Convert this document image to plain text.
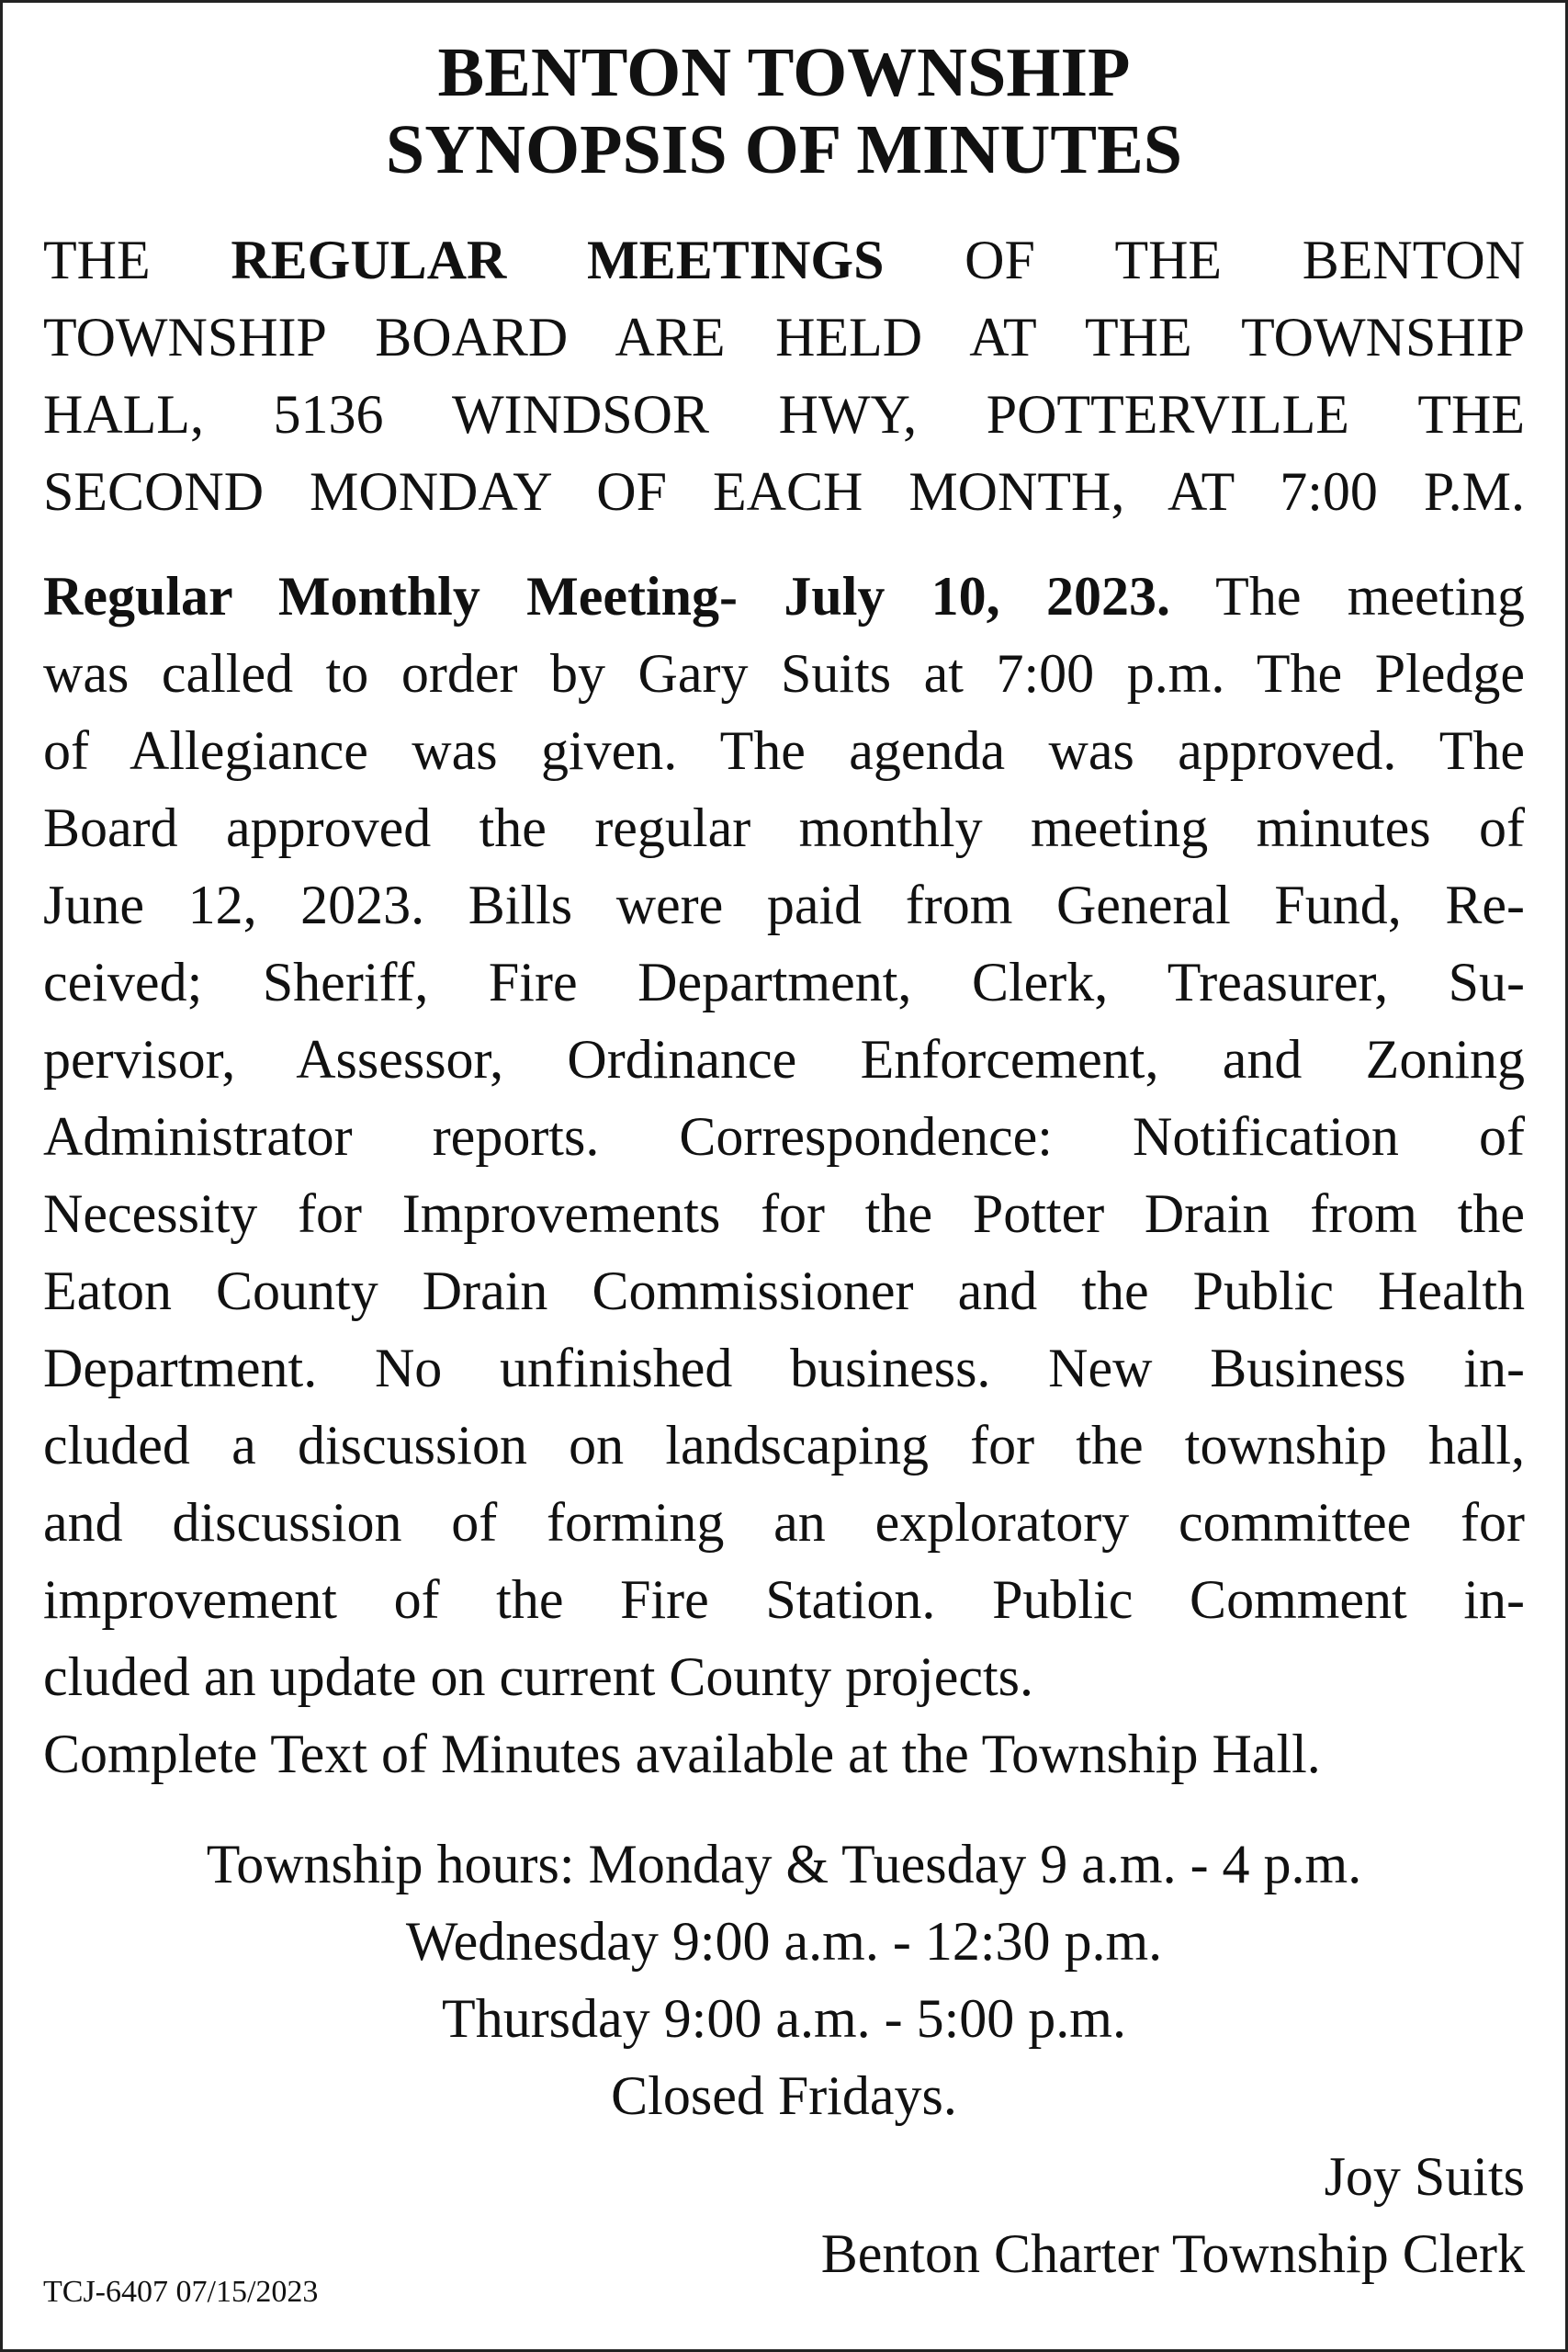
BENTON TOWNSHIP
SYNOPSIS OF MINUTES
THE REGULAR MEETINGS OF THE BENTON
TOWNSHIP BOARD ARE HELD AT THE TOWNSHIP
HALL, 5136 WINDSOR HWY, POTTERVILLE THE
SECOND MONDAY OF EACH MONTH, AT 7:00 P.M.
Regular Monthly Meeting- July 10, 2023. The meeting
was called to order by Gary Suits at 7:00 p.m. The Pledge
of Allegiance was given. The agenda was approved. The
Board approved the regular monthly meeting minutes of
June 12, 2023. Bills were paid from General Fund, Re-
ceived; Sheriff, Fire Department, Clerk, Treasurer, Su-
pervisor, Assessor, Ordinance Enforcement, and Zoning
Administrator reports. Correspondence: Notification of
Necessity for Improvements for the Potter Drain from the
Eaton County Drain Commissioner and the Public Health
Department. No unfinished business. New Business in-
cluded a discussion on landscaping for the township hall,
and discussion of forming an exploratory committee for
improvement of the Fire Station. Public Comment in-
cluded an update on current County projects.
Complete Text of Minutes available at the Township Hall.
Township hours: Monday & Tuesday 9 a.m. - 4 p.m.
Wednesday 9:00 a.m. - 12:30 p.m.
Thursday 9:00 a.m. - 5:00 p.m.
Closed Fridays.
Joy Suits
Benton Charter Township Clerk
TCJ-6407 07/15/2023
